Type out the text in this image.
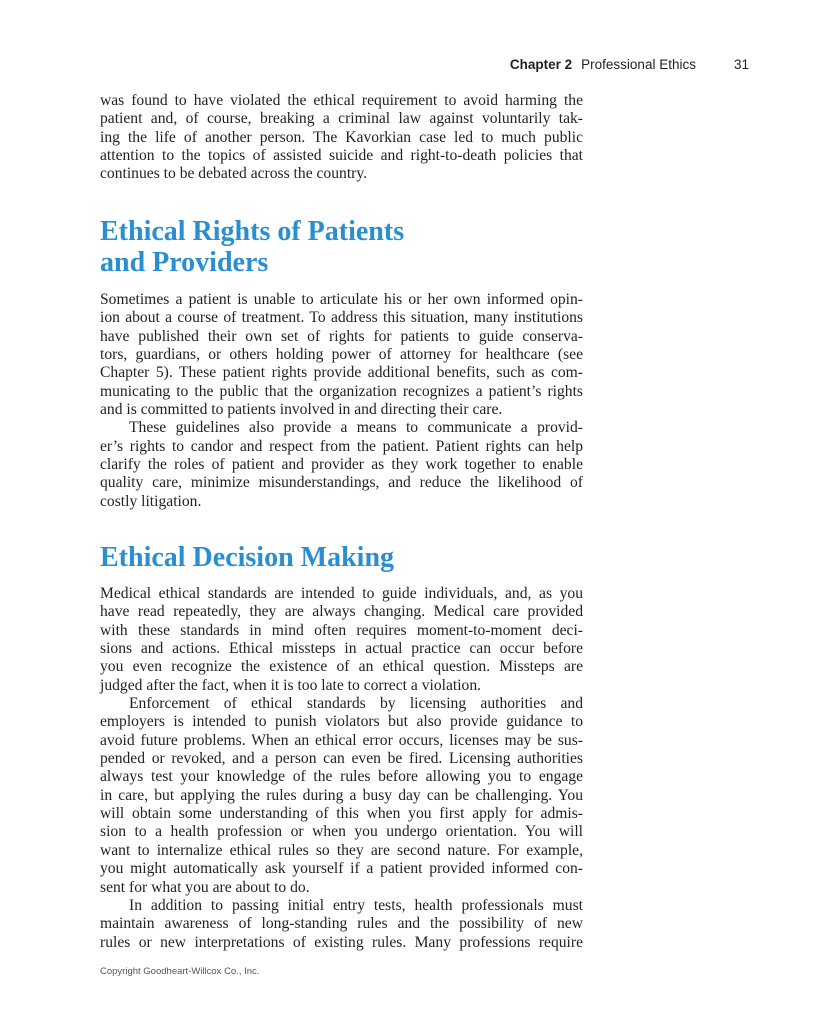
Chapter 2 Professional Ethics	31
was found to have violated the ethical requirement to avoid harming the
patient and, of course, breaking a criminal law against voluntarily tak-
ing the life of another person. The Kavorkian case led to much public
attention to the topics of assisted suicide and right-to-death policies that
continues to be debated across the country.
Ethical Rights of Patients
and Providers
Sometimes a patient is unable to articulate his or her own informed opin-
ion about a course of treatment. To address this situation, many institutions
have published their own set of rights for patients to guide conserva-
tors, guardians, or others holding power of attorney for healthcare (see
Chapter 5). These patient rights provide additional benefits, such as com-
municating to the public that the organization recognizes a patient’s rights
and is committed to patients involved in and directing their care.
These guidelines also provide a means to communicate a provid-
er’s rights to candor and respect from the patient. Patient rights can help
clarify the roles of patient and provider as they work together to enable
quality care, minimize misunderstandings, and reduce the likelihood of
costly litigation.
Ethical Decision Making
Medical ethical standards are intended to guide individuals, and, as you
have read repeatedly, they are always changing. Medical care provided
with these standards in mind often requires moment-to-moment deci-
sions and actions. Ethical missteps in actual practice can occur before
you even recognize the existence of an ethical question. Missteps are
judged after the fact, when it is too late to correct a violation.
Enforcement of ethical standards by licensing authorities and
employers is intended to punish violators but also provide guidance to
avoid future problems. When an ethical error occurs, licenses may be sus-
pended or revoked, and a person can even be fired. Licensing authorities
always test your knowledge of the rules before allowing you to engage
in care, but applying the rules during a busy day can be challenging. You
will obtain some understanding of this when you first apply for admis-
sion to a health profession or when you undergo orientation. You will
want to internalize ethical rules so they are second nature. For example,
you might automatically ask yourself if a patient provided informed con-
sent for what you are about to do.
In addition to passing initial entry tests, health professionals must
maintain awareness of long-standing rules and the possibility of new
rules or new interpretations of existing rules. Many professions require
Copyright Goodheart-Willcox Co., Inc.
